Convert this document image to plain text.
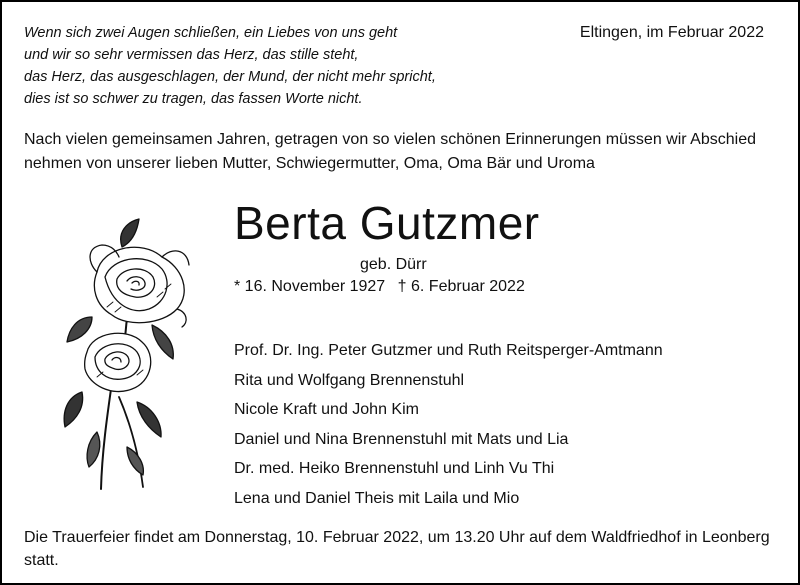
Wenn sich zwei Augen schließen, ein Liebes von uns geht
und wir so sehr vermissen das Herz, das stille steht,
das Herz, das ausgeschlagen, der Mund, der nicht mehr spricht,
dies ist so schwer zu tragen, das fassen Worte nicht.
Eltingen, im Februar 2022
Nach vielen gemeinsamen Jahren, getragen von so vielen schönen Erinnerungen müssen wir Abschied nehmen von unserer lieben Mutter, Schwiegermutter, Oma, Oma Bär und Uroma
Berta Gutzmer
geb. Dürr
* 16. November 1927 † 6. Februar 2022
Prof. Dr. Ing. Peter Gutzmer und Ruth Reitsperger-Amtmann
Rita und Wolfgang Brennenstuhl
Nicole Kraft und John Kim
Daniel und Nina Brennenstuhl mit Mats und Lia
Dr. med. Heiko Brennenstuhl und Linh Vu Thi
Lena und Daniel Theis mit Laila und Mio
Die Trauerfeier findet am Donnerstag, 10. Februar 2022, um 13.20 Uhr auf dem Waldfriedhof in Leonberg statt.
